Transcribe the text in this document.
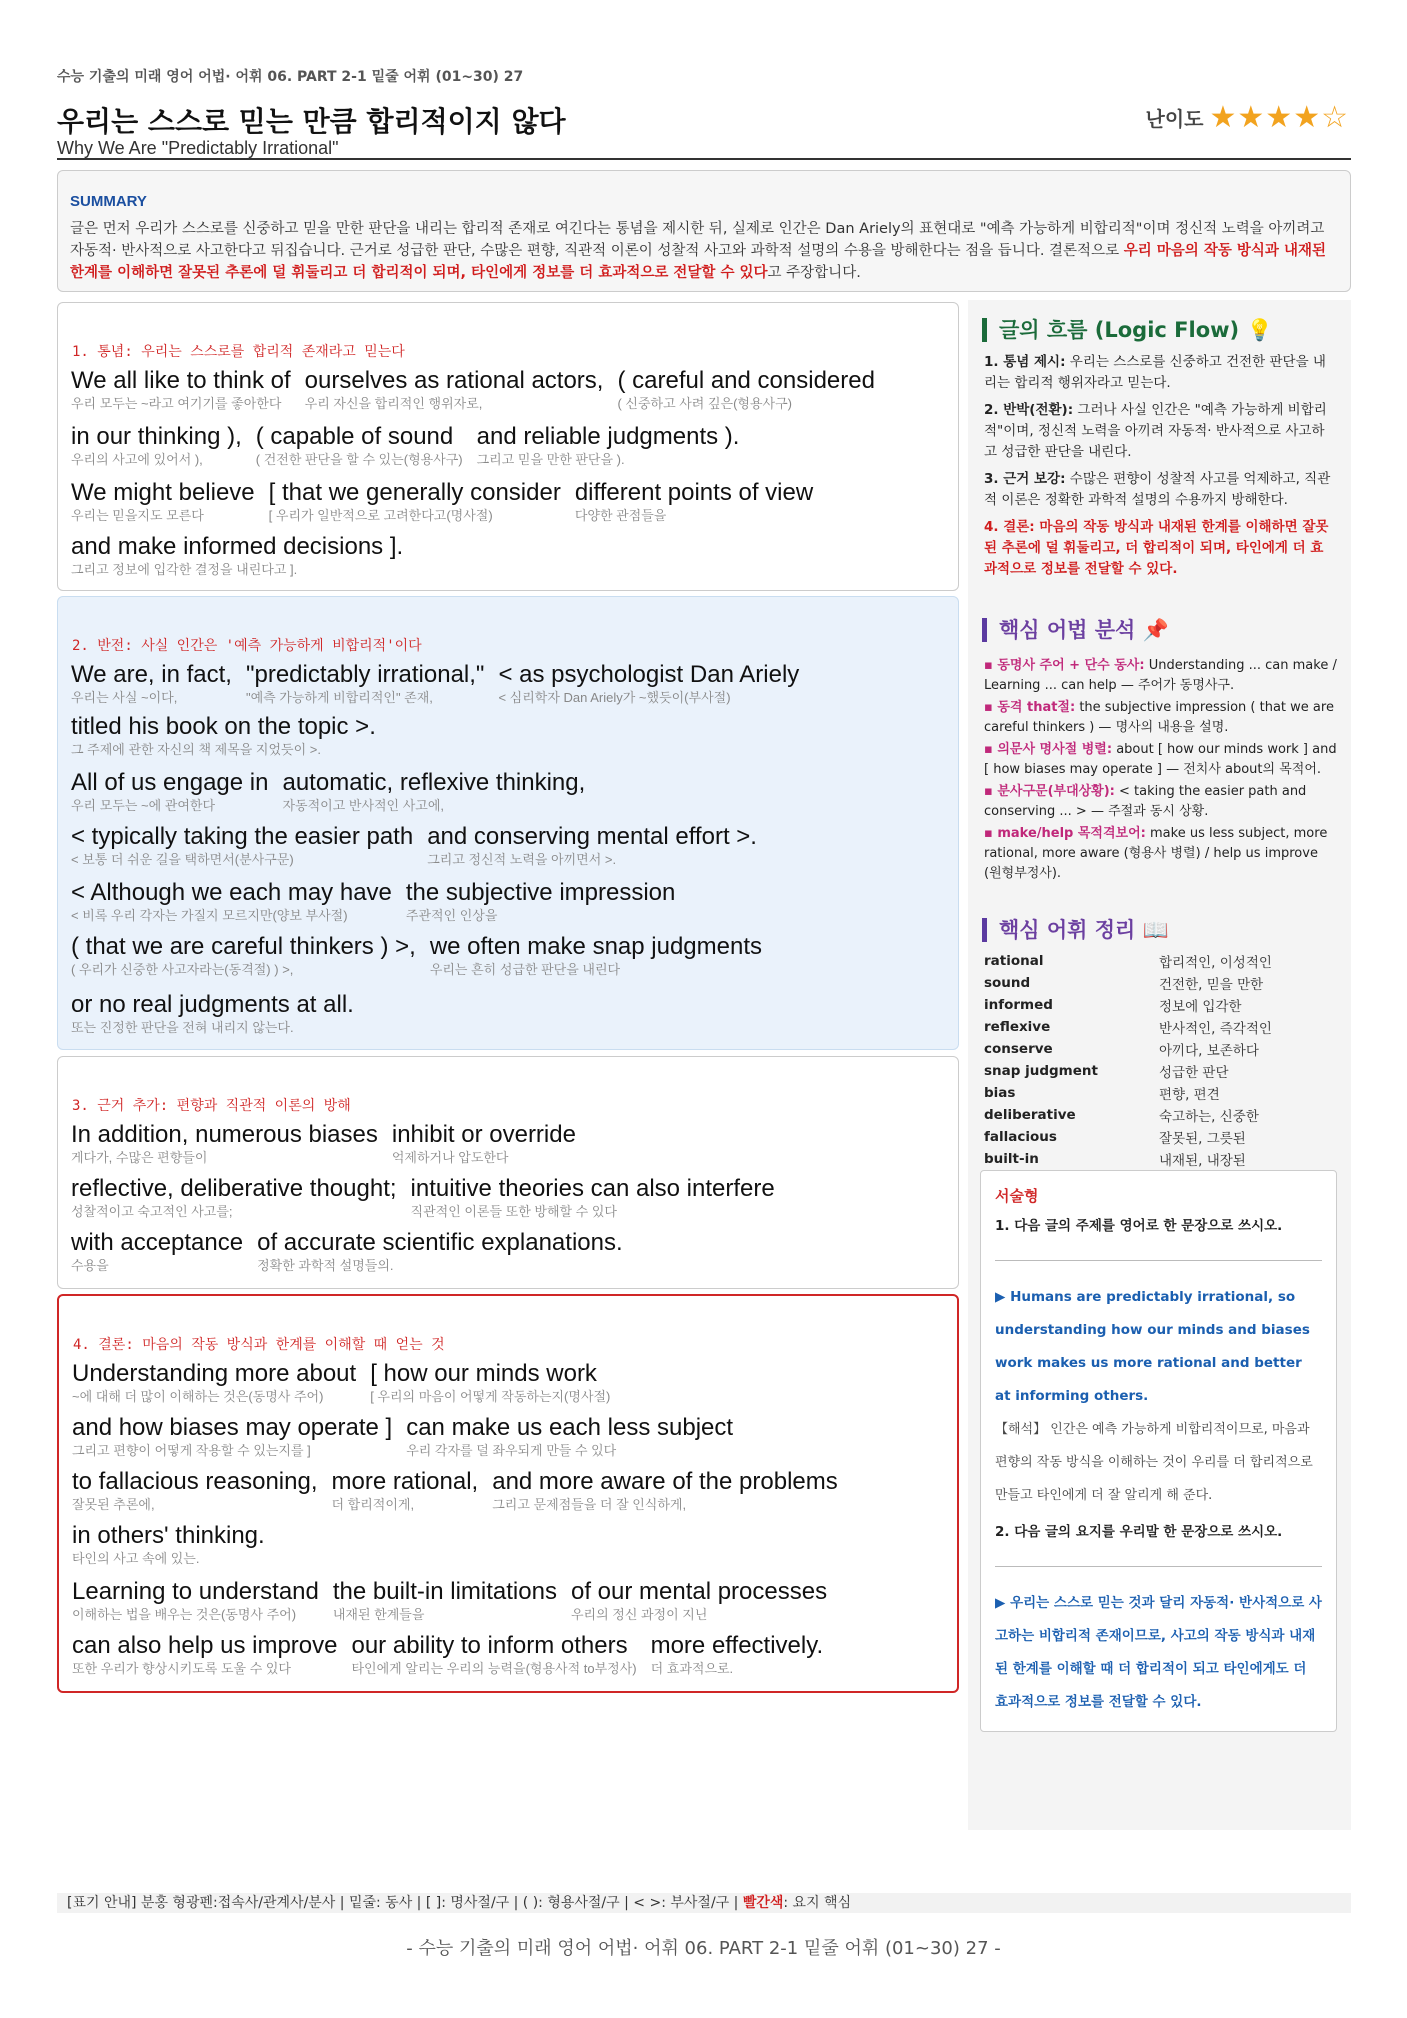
수능 기출의 미래 영어 어법· 어휘 06. PART 2-1 밑줄 어휘 (01~30) 27
우리는 스스로 믿는 만큼 합리적이지 않다
Why We Are "Predictably Irrational"
난이도 ★★★★☆
SUMMARY

글은 먼저 우리가 스스로를 신중하고 믿을 만한 판단을 내리는 합리적 존재로 여긴다는 통념을 제시한 뒤, 실제로 인간은 Dan Ariely의 표현대로 "예측 가능하게 비합리적"이며 정신적 노력을 아끼려고 자동적· 반사적으로 사고한다고 뒤집습니다. 근거로 성급한 판단, 수많은 편향, 직관적 이론이 성찰적 사고와 과학적 설명의 수용을 방해한다는 점을 듭니다. 결론적으로 우리 마음의 작동 방식과 내재된 한계를 이해하면 잘못된 추론에 덜 휘둘리고 더 합리적이 되며, 타인에게 정보를 더 효과적으로 전달할 수 있다고 주장합니다.

1. 통념: 우리는 스스로를 합리적 존재라고 믿는다
We all like to think of
우리 모두는 ~라고 여기기를 좋아한다
ourselves as rational actors,
우리 자신을 합리적인 행위자로,
( careful and considered
( 신중하고 사려 깊은(형용사구)
in our thinking ),
우리의 사고에 있어서 ),
( capable of sound
( 건전한 판단을 할 수 있는(형용사구)
and reliable judgments ).
그리고 믿을 만한 판단을 ).
We might believe
우리는 믿을지도 모른다
[ that we generally consider
[ 우리가 일반적으로 고려한다고(명사절)
different points of view
다양한 관점들을
and make informed decisions ].
그리고 정보에 입각한 결정을 내린다고 ].
2. 반전: 사실 인간은 '예측 가능하게 비합리적'이다
We are, in fact,
우리는 사실 ~이다,
"predictably irrational,"
"예측 가능하게 비합리적인" 존재,
< as psychologist Dan Ariely
< 심리학자 Dan Ariely가 ~했듯이(부사절)
titled his book on the topic >.
그 주제에 관한 자신의 책 제목을 지었듯이 >.
All of us engage in
우리 모두는 ~에 관여한다
automatic, reflexive thinking,
자동적이고 반사적인 사고에,
< typically taking the easier path
< 보통 더 쉬운 길을 택하면서(분사구문)
and conserving mental effort >.
그리고 정신적 노력을 아끼면서 >.
< Although we each may have
< 비록 우리 각자는 가질지 모르지만(양보 부사절)
the subjective impression
주관적인 인상을
( that we are careful thinkers ) >,
( 우리가 신중한 사고자라는(동격절) ) >,
we often make snap judgments
우리는 흔히 성급한 판단을 내린다
or no real judgments at all.
또는 진정한 판단을 전혀 내리지 않는다.
3. 근거 추가: 편향과 직관적 이론의 방해
In addition, numerous biases
게다가, 수많은 편향들이
inhibit or override
억제하거나 압도한다
reflective, deliberative thought;
성찰적이고 숙고적인 사고를;
intuitive theories can also interfere
직관적인 이론들 또한 방해할 수 있다
with acceptance
수용을
of accurate scientific explanations.
정확한 과학적 설명들의.
4. 결론: 마음의 작동 방식과 한계를 이해할 때 얻는 것
Understanding more about
~에 대해 더 많이 이해하는 것은(동명사 주어)
[ how our minds work
[ 우리의 마음이 어떻게 작동하는지(명사절)
and how biases may operate ]
그리고 편향이 어떻게 작용할 수 있는지를 ]
can make us each less subject
우리 각자를 덜 좌우되게 만들 수 있다
to fallacious reasoning,
잘못된 추론에,
more rational,
더 합리적이게,
and more aware of the problems
그리고 문제점들을 더 잘 인식하게,
in others' thinking.
타인의 사고 속에 있는.
Learning to understand
이해하는 법을 배우는 것은(동명사 주어)
the built-in limitations
내재된 한계들을
of our mental processes
우리의 정신 과정이 지닌
can also help us improve
또한 우리가 향상시키도록 도울 수 있다
our ability to inform others
타인에게 알리는 우리의 능력을(형용사적 to부정사)
more effectively.
더 효과적으로.
글의 흐름 (Logic Flow) 💡

1. 통념 제시: 우리는 스스로를 신중하고 건전한 판단을 내리는 합리적 행위자라고 믿는다.

2. 반박(전환): 그러나 사실 인간은 "예측 가능하게 비합리적"이며, 정신적 노력을 아끼려 자동적· 반사적으로 사고하고 성급한 판단을 내린다.

3. 근거 보강: 수많은 편향이 성찰적 사고를 억제하고, 직관적 이론은 정확한 과학적 설명의 수용까지 방해한다.

4. 결론: 마음의 작동 방식과 내재된 한계를 이해하면 잘못된 추론에 덜 휘둘리고, 더 합리적이 되며, 타인에게 더 효과적으로 정보를 전달할 수 있다.

핵심 어법 분석 📌

▪ 동명사 주어 + 단수 동사: Understanding ... can make / Learning ... can help — 주어가 동명사구.

▪ 동격 that절: the subjective impression ( that we are careful thinkers ) — 명사의 내용을 설명.

▪ 의문사 명사절 병렬: about [ how our minds work ] and [ how biases may operate ] — 전치사 about의 목적어.

▪ 분사구문(부대상황): < taking the easier path and conserving ... > — 주절과 동시 상황.

▪ make/help 목적격보어: make us less subject, more rational, more aware (형용사 병렬) / help us improve (원형부정사).

핵심 어휘 정리 📖
rational	합리적인, 이성적인
sound	건전한, 믿을 만한
informed	정보에 입각한
reflexive	반사적인, 즉각적인
conserve	아끼다, 보존하다
snap judgment	성급한 판단
bias	편향, 편견
deliberative	숙고하는, 신중한
fallacious	잘못된, 그릇된
built-in	내재된, 내장된
서술형
1. 다음 글의 주제를 영어로 한 문장으로 쓰시오.
▶ Humans are predictably irrational, so understanding how our minds and biases work makes us more rational and better at informing others.
【해석】 인간은 예측 가능하게 비합리적이므로, 마음과 편향의 작동 방식을 이해하는 것이 우리를 더 합리적으로 만들고 타인에게 더 잘 알리게 해 준다.
2. 다음 글의 요지를 우리말 한 문장으로 쓰시오.
▶ 우리는 스스로 믿는 것과 달리 자동적· 반사적으로 사고하는 비합리적 존재이므로, 사고의 작동 방식과 내재된 한계를 이해할 때 더 합리적이 되고 타인에게도 더 효과적으로 정보를 전달할 수 있다.
[표기 안내] 분홍 형광펜:접속사/관계사/분사 | 밑줄: 동사 | [ ]: 명사절/구 | ( ): 형용사절/구 | < >: 부사절/구 | 빨간색: 요지 핵심
- 수능 기출의 미래 영어 어법· 어휘 06. PART 2-1 밑줄 어휘 (01~30) 27 -
